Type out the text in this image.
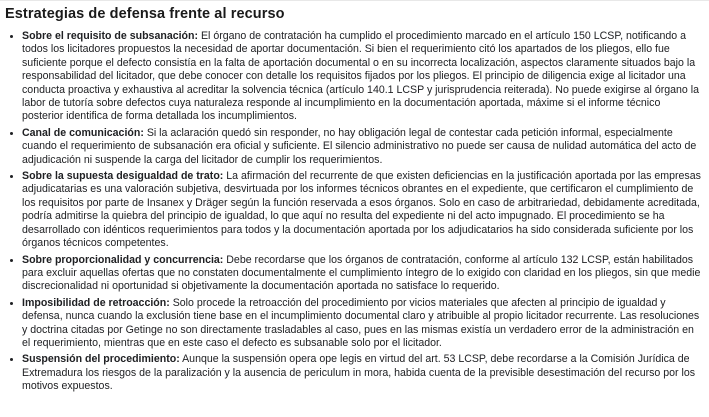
Estrategias de defensa frente al recurso
• Sobre el requisito de subsanación: El órgano de contratación ha cumplido el procedimiento marcado en el artículo 150 LCSP, notificando a todos los licitadores propuestos la necesidad de aportar documentación. Si bien el requerimiento citó los apartados de los pliegos, ello fue suficiente porque el defecto consistía en la falta de aportación documental o en su incorrecta localización, aspectos claramente situados bajo la responsabilidad del licitador, que debe conocer con detalle los requisitos fijados por los pliegos. El principio de diligencia exige al licitador una conducta proactiva y exhaustiva al acreditar la solvencia técnica (artículo 140.1 LCSP y jurisprudencia reiterada). No puede exigirse al órgano la labor de tutoría sobre defectos cuya naturaleza responde al incumplimiento en la documentación aportada, máxime si el informe técnico posterior identifica de forma detallada los incumplimientos.
• Canal de comunicación: Si la aclaración quedó sin responder, no hay obligación legal de contestar cada petición informal, especialmente cuando el requerimiento de subsanación era oficial y suficiente. El silencio administrativo no puede ser causa de nulidad automática del acto de adjudicación ni suspende la carga del licitador de cumplir los requerimientos.
• Sobre la supuesta desigualdad de trato: La afirmación del recurrente de que existen deficiencias en la justificación aportada por las empresas adjudicatarias es una valoración subjetiva, desvirtuada por los informes técnicos obrantes en el expediente, que certificaron el cumplimiento de los requisitos por parte de Insanex y Dräger según la función reservada a esos órganos. Solo en caso de arbitrariedad, debidamente acreditada, podría admitirse la quiebra del principio de igualdad, lo que aquí no resulta del expediente ni del acto impugnado. El procedimiento se ha desarrollado con idénticos requerimientos para todos y la documentación aportada por los adjudicatarios ha sido considerada suficiente por los órganos técnicos competentes.
• Sobre proporcionalidad y concurrencia: Debe recordarse que los órganos de contratación, conforme al artículo 132 LCSP, están habilitados para excluir aquellas ofertas que no constaten documentalmente el cumplimiento íntegro de lo exigido con claridad en los pliegos, sin que medie discrecionalidad ni oportunidad si objetivamente la documentación aportada no satisface lo requerido.
• Imposibilidad de retroacción: Solo procede la retroacción del procedimiento por vicios materiales que afecten al principio de igualdad y defensa, nunca cuando la exclusión tiene base en el incumplimiento documental claro y atribuible al propio licitador recurrente. Las resoluciones y doctrina citadas por Getinge no son directamente trasladables al caso, pues en las mismas existía un verdadero error de la administración en el requerimiento, mientras que en este caso el defecto es subsanable solo por el licitador.
• Suspensión del procedimiento: Aunque la suspensión opera ope legis en virtud del art. 53 LCSP, debe recordarse a la Comisión Jurídica de Extremadura los riesgos de la paralización y la ausencia de periculum in mora, habida cuenta de la previsible desestimación del recurso por los motivos expuestos.
